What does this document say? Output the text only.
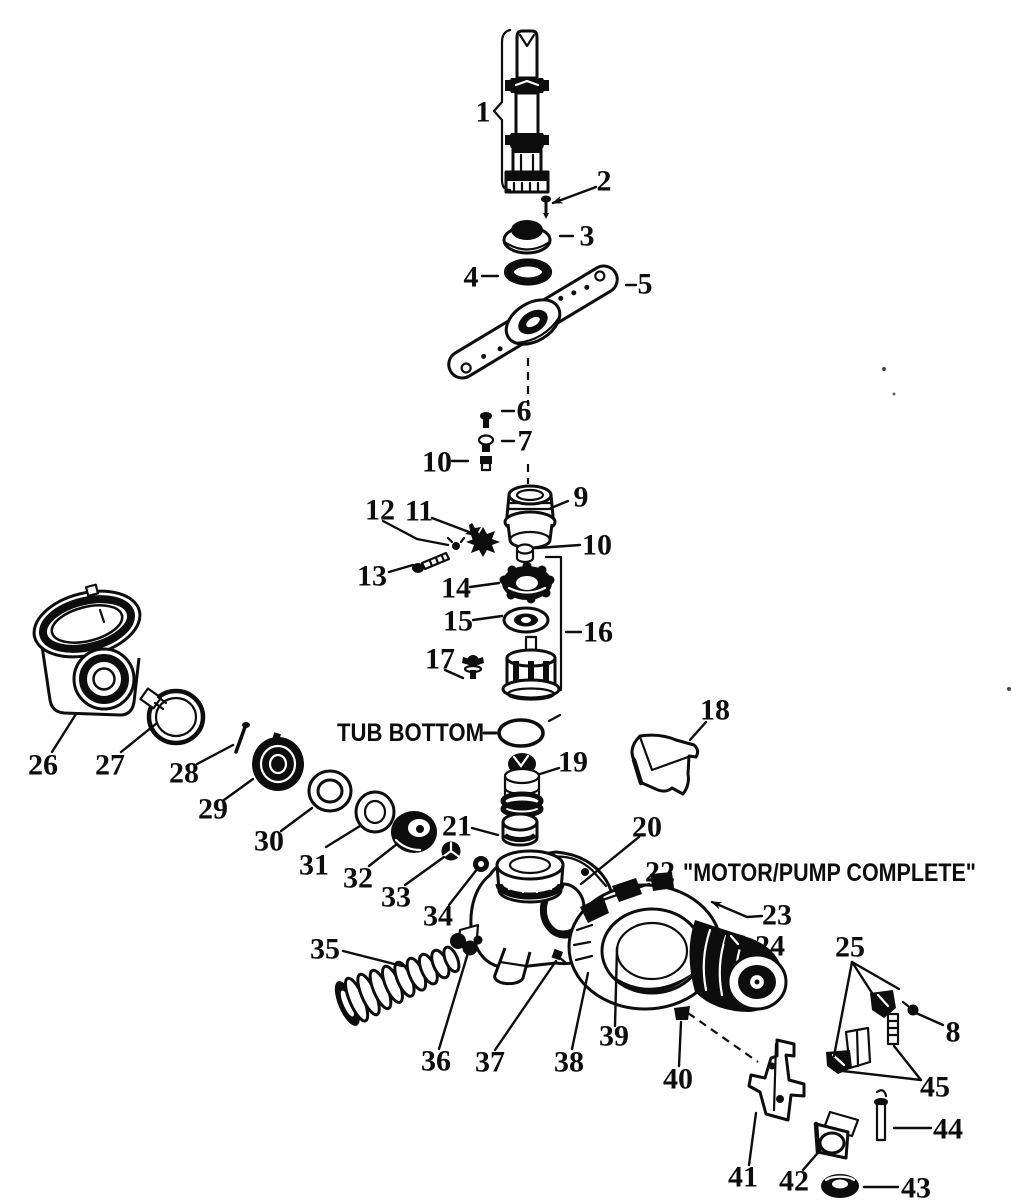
TUB BOTTOM
"MOTOR/PUMP COMPLETE"
1
2
3
4	5
6
7
10
9
12 11
13
10
14
15	16
17
18
19
21	20
22
23
24 25
26 27 28
29
30
31 32
33
34
35
36 37 38
39
40
41 42	43
44
45
8
